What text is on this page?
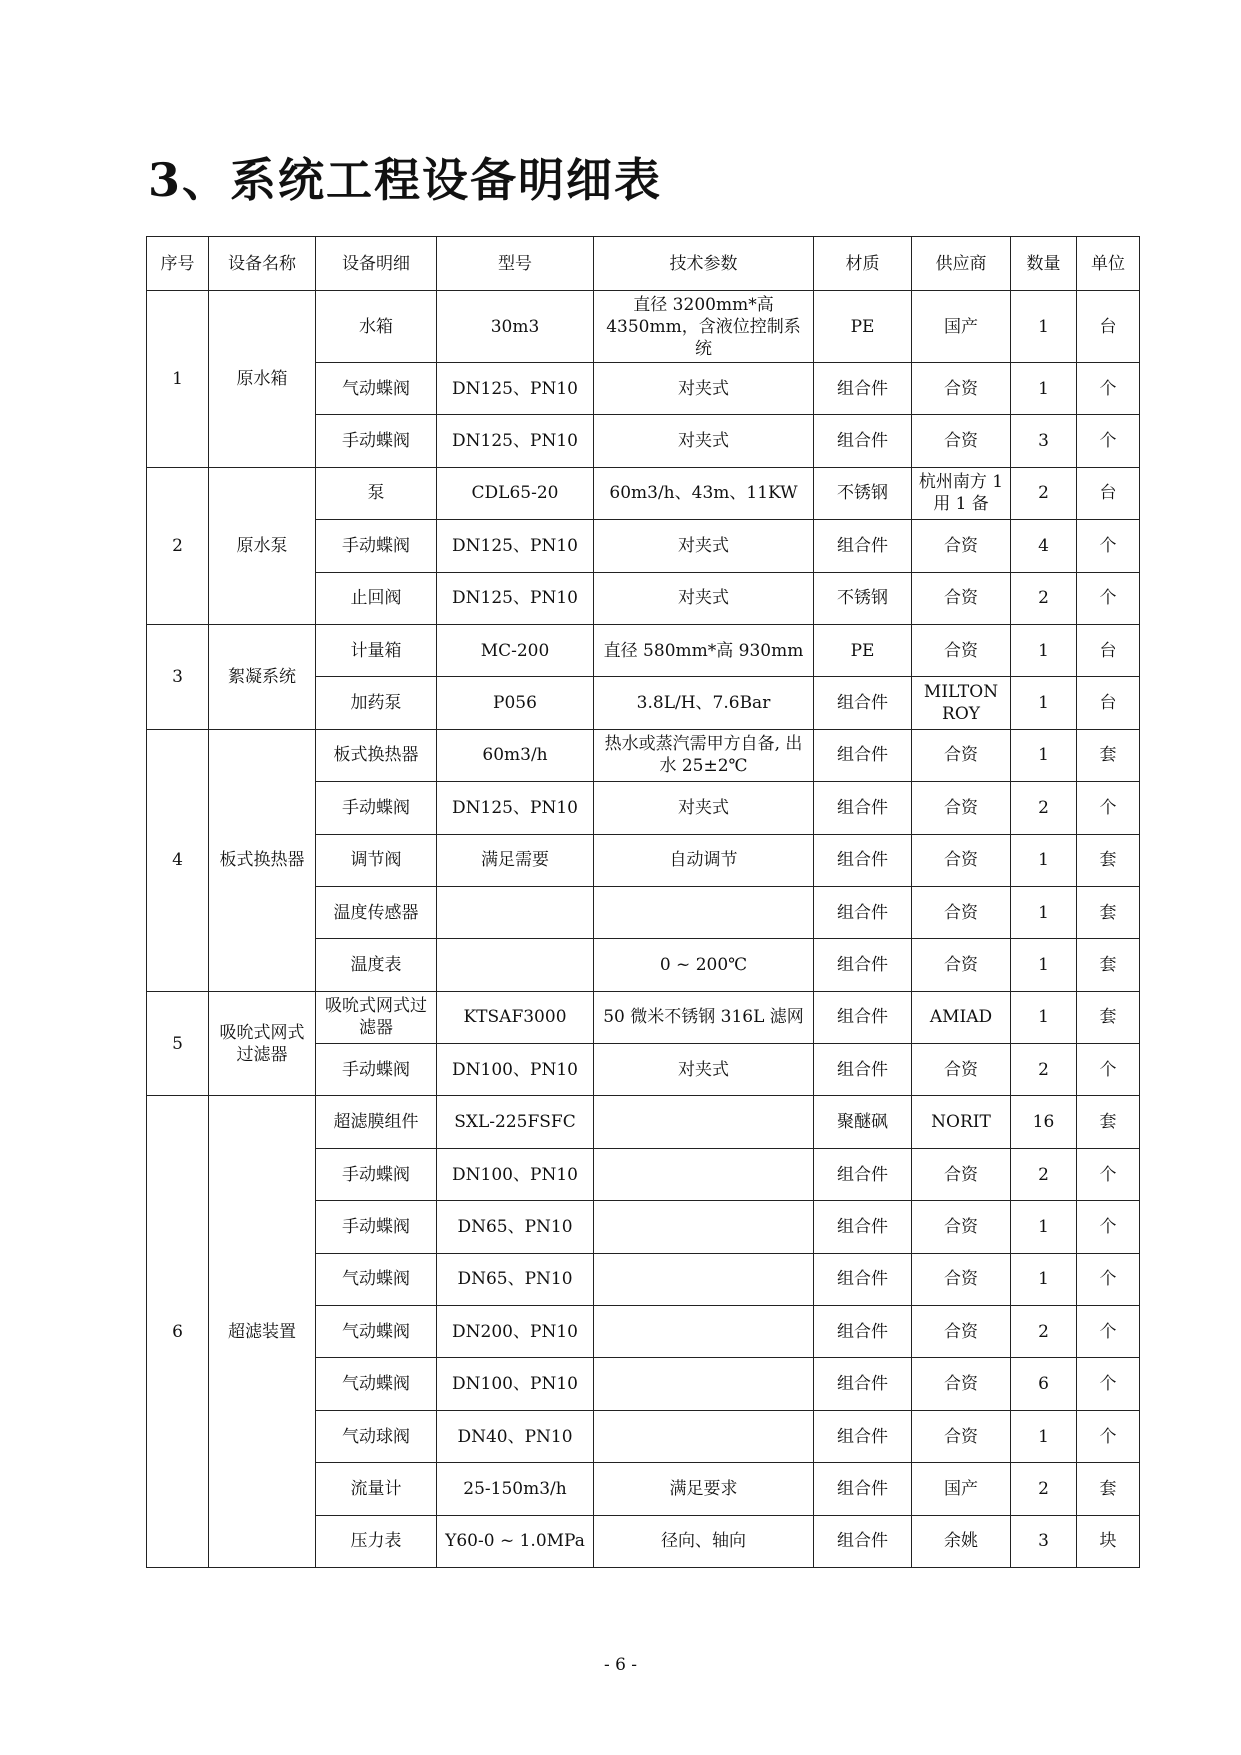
3、系统工程设备明细表
序号	设备名称	设备明细	型号	技术参数	材质	供应商	数量	单位
1	原水箱	水箱	30m3	直径 3200mm*高 4350mm，含液位控制系统	PE	国产	1	台
		气动蝶阀	DN125、PN10	对夹式	组合件	合资	1	个
		手动蝶阀	DN125、PN10	对夹式	组合件	合资	3	个
2	原水泵	泵	CDL65-20	60m3/h、43m、11KW	不锈钢	杭州南方 1用 1 备	2	台
		手动蝶阀	DN125、PN10	对夹式	组合件	合资	4	个
		止回阀	DN125、PN10	对夹式	不锈钢	合资	2	个
3	絮凝系统	计量箱	MC-200	直径 580mm*高 930mm	PE	合资	1	台
		加药泵	P056	3.8L/H、7.6Bar	组合件	MILTON ROY	1	台
4	板式换热器	板式换热器	60m3/h	热水或蒸汽需甲方自备, 出水 25±2℃	组合件	合资	1	套
		手动蝶阀	DN125、PN10	对夹式	组合件	合资	2	个
		调节阀	满足需要	自动调节	组合件	合资	1	套
		温度传感器			组合件	合资	1	套
		温度表		0 ~ 200℃	组合件	合资	1	套
5	吸吮式网式过滤器	吸吮式网式过滤器	KTSAF3000	50 微米不锈钢 316L 滤网	组合件	AMIAD	1	套
		手动蝶阀	DN100、PN10	对夹式	组合件	合资	2	个
6	超滤装置	超滤膜组件	SXL-225FSFC		聚醚砜	NORIT	16	套
		手动蝶阀	DN100、PN10		组合件	合资	2	个
		手动蝶阀	DN65、PN10		组合件	合资	1	个
		气动蝶阀	DN65、PN10		组合件	合资	1	个
		气动蝶阀	DN200、PN10		组合件	合资	2	个
		气动蝶阀	DN100、PN10		组合件	合资	6	个
		气动球阀	DN40、PN10		组合件	合资	1	个
		流量计	25-150m3/h	满足要求	组合件	国产	2	套
		压力表	Y60-0 ~ 1.0MPa	径向、轴向	组合件	余姚	3	块
- 6 -
